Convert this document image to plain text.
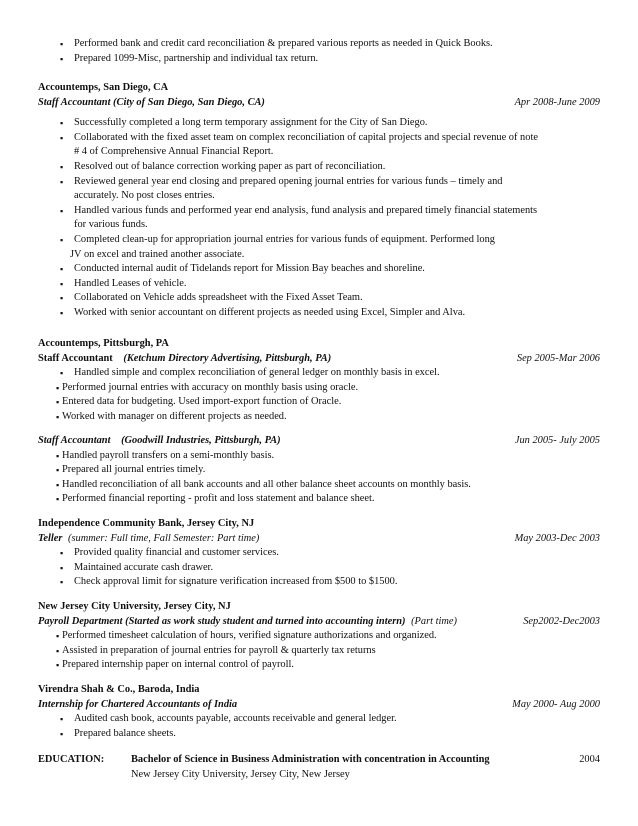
▪ Performed bank and credit card reconciliation & prepared various reports as needed in Quick Books.
▪ Prepared 1099-Misc, partnership and individual tax return.
Accountemps, San Diego, CA
Staff Accountant (City of San Diego, San Diego, CA)	Apr 2008-June 2009
▪ Successfully completed a long term temporary assignment for the City of San Diego.
▪ Collaborated with the fixed asset team on complex reconciliation of capital projects and special revenue of note
# 4 of Comprehensive Annual Financial Report.
▪ Resolved out of balance correction working paper as part of reconciliation.
▪ Reviewed general year end closing and prepared opening journal entries for various funds – timely and
accurately. No post closes entries.
▪ Handled various funds and performed year end analysis, fund analysis and prepared timely financial statements
for various funds.
▪ Completed clean-up for appropriation journal entries for various funds of equipment. Performed long
JV on excel and trained another associate.
▪ Conducted internal audit of Tidelands report for Mission Bay beaches and shoreline.
▪ Handled Leases of vehicle.
▪ Collaborated on Vehicle adds spreadsheet with the Fixed Asset Team.
▪ Worked with senior accountant on different projects as needed using Excel, Simpler and Alva.
Accountemps, Pittsburgh, PA
Staff Accountant (Ketchum Directory Advertising, Pittsburgh, PA)	Sep 2005-Mar 2006
▪ Handled simple and complex reconciliation of general ledger on monthly basis in excel.
▪ Performed journal entries with accuracy on monthly basis using oracle.
▪ Entered data for budgeting. Used import-export function of Oracle.
▪ Worked with manager on different projects as needed.
Staff Accountant (Goodwill Industries, Pittsburgh, PA)	Jun 2005- July 2005
▪ Handled payroll transfers on a semi-monthly basis.
▪ Prepared all journal entries timely.
▪ Handled reconciliation of all bank accounts and all other balance sheet accounts on monthly basis.
▪ Performed financial reporting - profit and loss statement and balance sheet.
Independence Community Bank, Jersey City, NJ
Teller (summer: Full time, Fall Semester: Part time)	May 2003-Dec 2003
▪ Provided quality financial and customer services.
▪ Maintained accurate cash drawer.
▪ Check approval limit for signature verification increased from $500 to $1500.
New Jersey City University, Jersey City, NJ
Payroll Department (Started as work study student and turned into accounting intern) (Part time)	Sep2002-Dec2003
▪ Performed timesheet calculation of hours, verified signature authorizations and organized.
▪ Assisted in preparation of journal entries for payroll & quarterly tax returns
▪ Prepared internship paper on internal control of payroll.
Virendra Shah & Co., Baroda, India
Internship for Chartered Accountants of India	May 2000- Aug 2000
▪ Audited cash book, accounts payable, accounts receivable and general ledger.
▪ Prepared balance sheets.
EDUCATION:	Bachelor of Science in Business Administration with concentration in Accounting	2004
New Jersey City University, Jersey City, New Jersey
